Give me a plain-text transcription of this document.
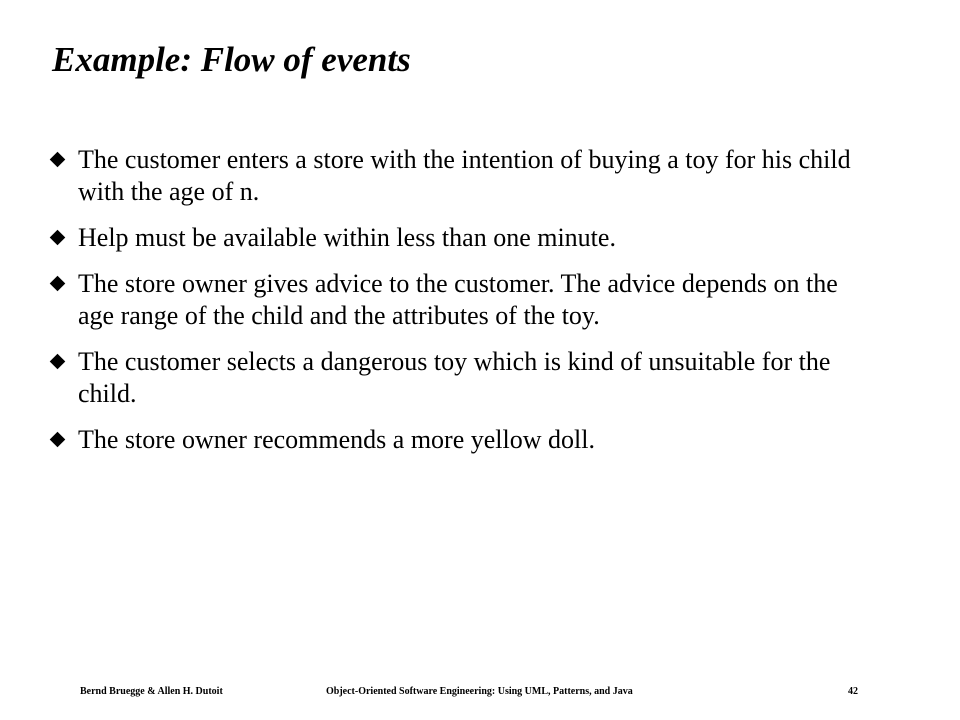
Example: Flow of events
The customer enters a store with the intention of buying a toy for his child with the age of n.
Help must be available within less than one minute.
The store owner gives advice to the customer. The advice depends on the age range of the child and the attributes of the toy.
The customer selects a dangerous toy which is kind of unsuitable for the child.
The store owner recommends a more yellow doll.
Bernd Bruegge & Allen H. Dutoit	Object-Oriented Software Engineering: Using UML, Patterns, and Java	42
